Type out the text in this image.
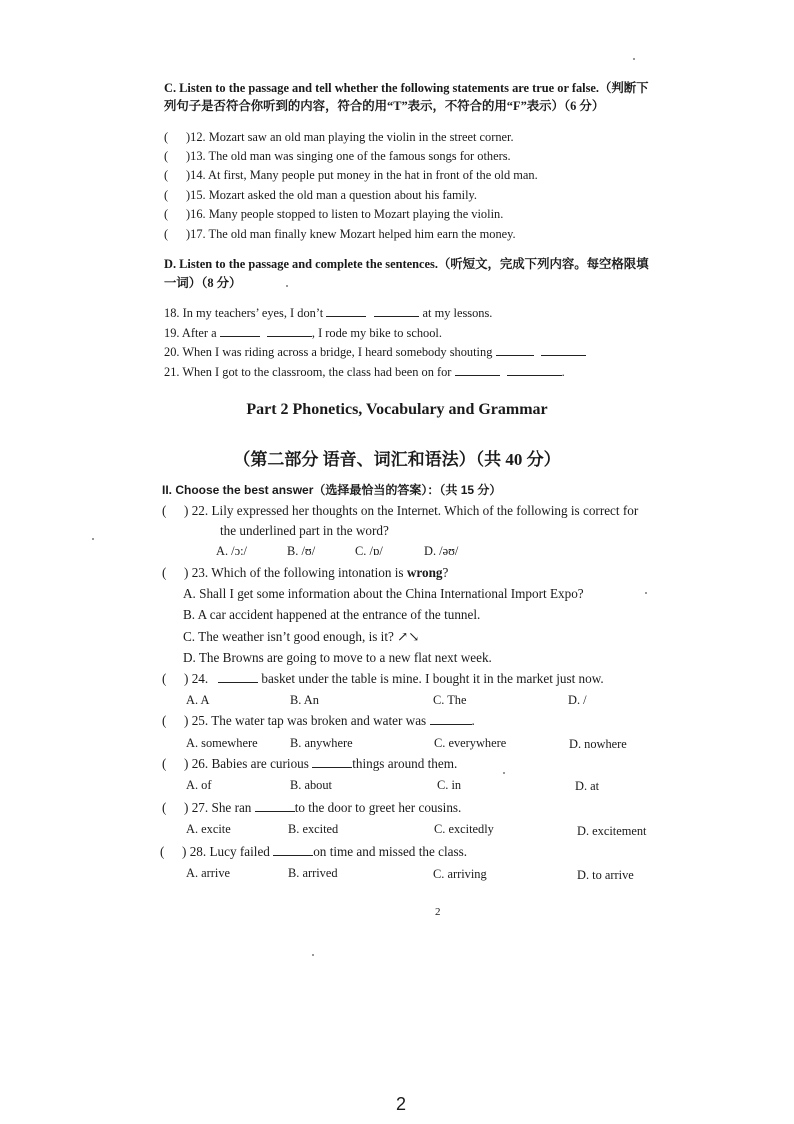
C. Listen to the passage and tell whether the following statements are true or false.（判断下
列句子是否符合你听到的内容，符合的用“T”表示，不符合的用“F”表示）（6 分）
( )12. Mozart saw an old man playing the violin in the street corner.
( )13. The old man was singing one of the famous songs for others.
( )14. At first, Many people put money in the hat in front of the old man.
( )15. Mozart asked the old man a question about his family.
( )16. Many people stopped to listen to Mozart playing the violin.
( )17. The old man finally knew Mozart helped him earn the money.
D. Listen to the passage and complete the sentences.（听短文，完成下列内容。每空格限填
一词）（8 分）
18. In my teachers’ eyes, I don’t	at my lessons.
19. After a	, I rode my bike to school.
20. When I was riding across a bridge, I heard somebody shouting
21. When I got to the classroom, the class had been on for	.
Part 2 Phonetics, Vocabulary and Grammar
（第二部分 语音、词汇和语法）（共 40 分）
II. Choose the best answer（选择最恰当的答案）：（共 15 分）
( ) 22. Lily expressed her thoughts on the Internet. Which of the following is correct for
the underlined part in the word?
A. /ɔ:/	B. /ʊ/	C. /ɒ/	D. /əʊ/
( ) 23. Which of the following intonation is wrong?
A. Shall I get some information about the China International Import Expo?
B. A car accident happened at the entrance of the tunnel.
C. The weather isn’t good enough, is it? ↗↘
D. The Browns are going to move to a new flat next week.
( ) 24.	basket under the table is mine. I bought it in the market just now.
A. A	B. An	C. The	D. /
( ) 25. The water tap was broken and water was	.
A. somewhere	B. anywhere	C. everywhere	D. nowhere
( ) 26. Babies are curious	things around them.
A. of	B. about	C. in	D. at
( ) 27. She ran	to the door to greet her cousins.
A. excite	B. excited	C. excitedly	D. excitement
( ) 28. Lucy failed	on time and missed the class.
A. arrive	B. arrived	C. arriving	D. to arrive
2
2
